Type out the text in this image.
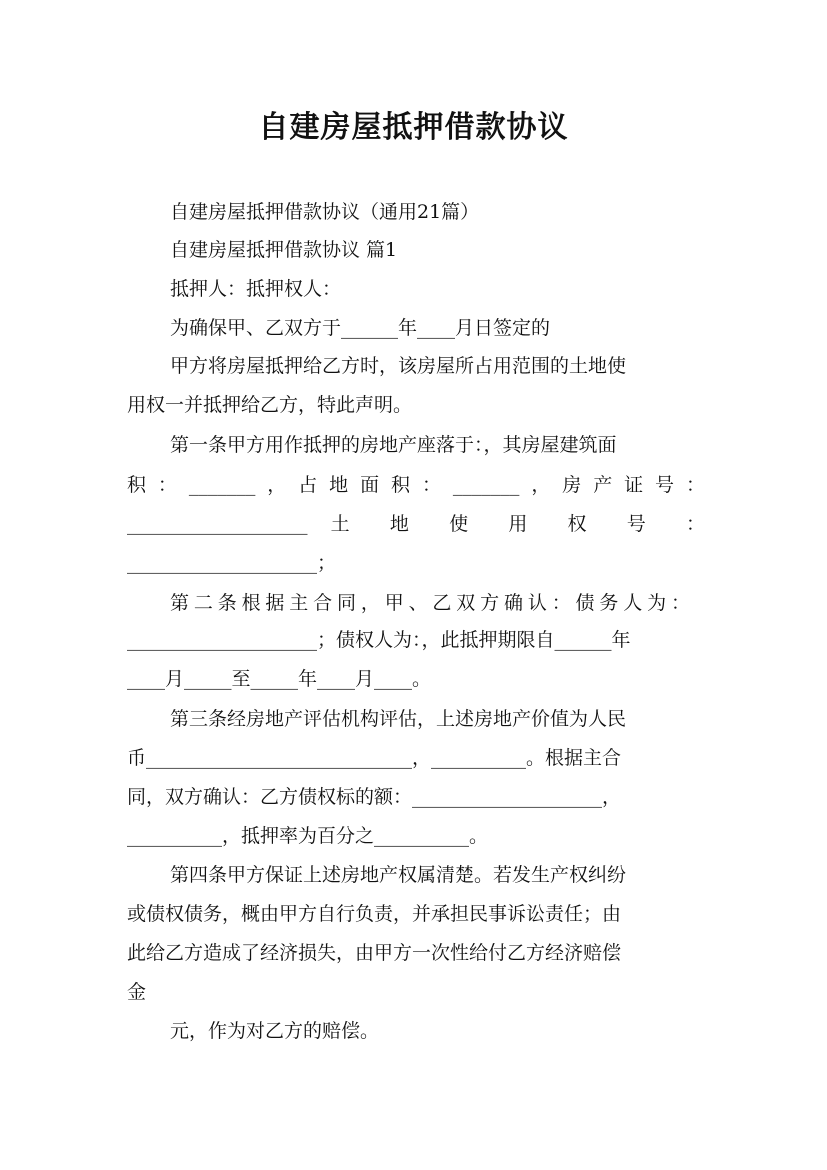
自建房屋抵押借款协议

自建房屋抵押借款协议（通用21篇）

自建房屋抵押借款协议 篇1

抵押人：抵押权人：

为确保甲、乙双方于______年____月日签定的

甲方将房屋抵押给乙方时，该房屋所占用范围的土地使

用权一并抵押给乙方，特此声明。

第一条甲方用作抵押的房地产座落于：，其房屋建筑面

积：_______，占地面积：_______，房产证号：

___________________ 土 地 使 用 权 号 ：

____________________；

第二条根据主合同，甲、乙双方确认：债务人为：

____________________；债权人为：，此抵押期限自______年

____月_____至_____年____月____。

第三条经房地产评估机构评估，上述房地产价值为人民

币____________________________，__________。根据主合

同，双方确认：乙方债权标的额：____________________，

__________，抵押率为百分之__________。

第四条甲方保证上述房地产权属清楚。若发生产权纠纷

或债权债务，概由甲方自行负责，并承担民事诉讼责任；由

此给乙方造成了经济损失，由甲方一次性给付乙方经济赔偿

金

元，作为对乙方的赔偿。
